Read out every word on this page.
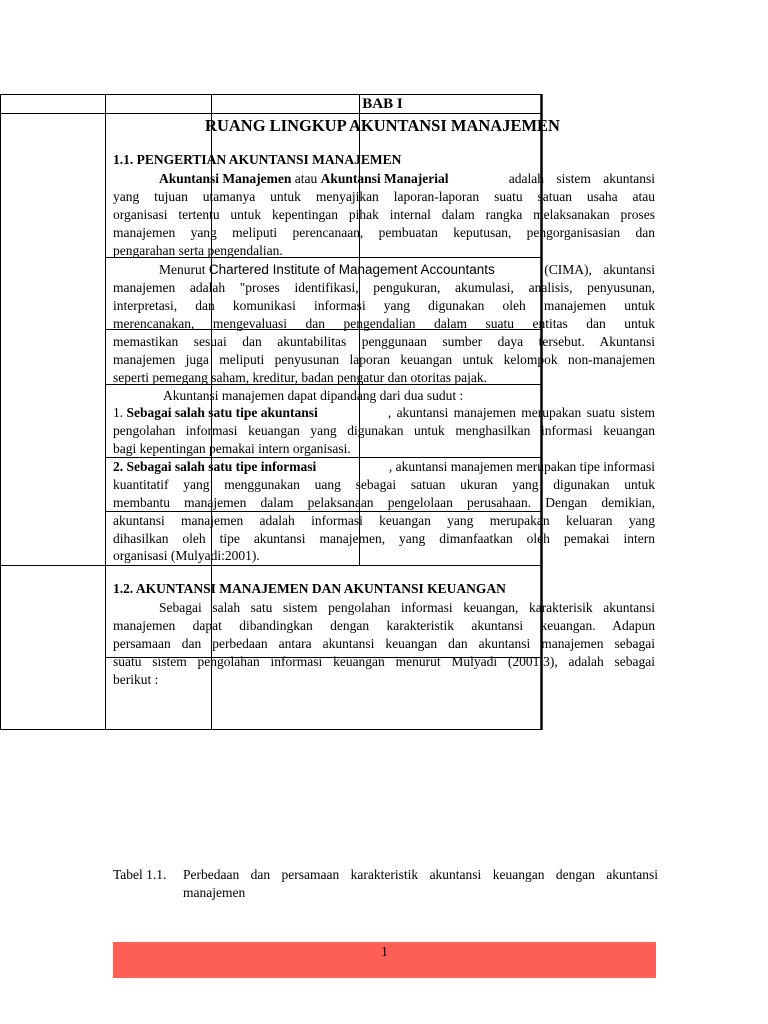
BAB I
RUANG LINGKUP AKUNTANSI MANAJEMEN
1.1. PENGERTIAN AKUNTANSI MANAJEMEN
Akuntansi Manajemen atau Akuntansi Manajerial	adalah sistem akuntansi
yang tujuan utamanya untuk menyajikan laporan-laporan suatu satuan usaha atau
organisasi tertentu untuk kepentingan pihak internal dalam rangka melaksanakan proses
manajemen yang meliputi perencanaan, pembuatan keputusan, pengorganisasian dan
pengarahan serta pengendalian.
Menurut Chartered Institute of Management Accountants	(CIMA), akuntansi
manajemen adalah "proses identifikasi, pengukuran, akumulasi, analisis, penyusunan,
interpretasi, dan komunikasi informasi yang digunakan oleh manajemen untuk
merencanakan, mengevaluasi dan pengendalian dalam suatu entitas dan untuk
memastikan sesuai dan akuntabilitas penggunaan sumber daya tersebut. Akuntansi
manajemen juga meliputi penyusunan laporan keuangan untuk kelompok non-manajemen
seperti pemegang saham, kreditur, badan pengatur dan otoritas pajak.
Akuntansi manajemen dapat dipandang dari dua sudut :
1. Sebagai salah satu tipe akuntansi	, akuntansi manajemen merupakan suatu sistem
pengolahan informasi keuangan yang digunakan untuk menghasilkan informasi keuangan
bagi kepentingan pemakai intern organisasi.
2. Sebagai salah satu tipe informasi	, akuntansi manajemen merupakan tipe informasi
kuantitatif yang menggunakan uang sebagai satuan ukuran yang digunakan untuk
membantu manajemen dalam pelaksanaan pengelolaan perusahaan. Dengan demikian,
akuntansi manajemen adalah informasi keuangan yang merupakan keluaran yang
dihasilkan oleh tipe akuntansi manajemen, yang dimanfaatkan oleh pemakai intern
organisasi (Mulyadi:2001).
1.2. AKUNTANSI MANAJEMEN DAN AKUNTANSI KEUANGAN
Sebagai salah satu sistem pengolahan informasi keuangan, karakterisik akuntansi
manajemen dapat dibandingkan dengan karakteristik akuntansi keuangan. Adapun
persamaan dan perbedaan antara akuntansi keuangan dan akuntansi manajemen sebagai
suatu sistem pengolahan informasi keuangan menurut Mulyadi (2001:3), adalah sebagai
berikut :
Tabel 1.1.	Perbedaan dan persamaan karakteristik akuntansi keuangan dengan akuntansi
manajemen
1
